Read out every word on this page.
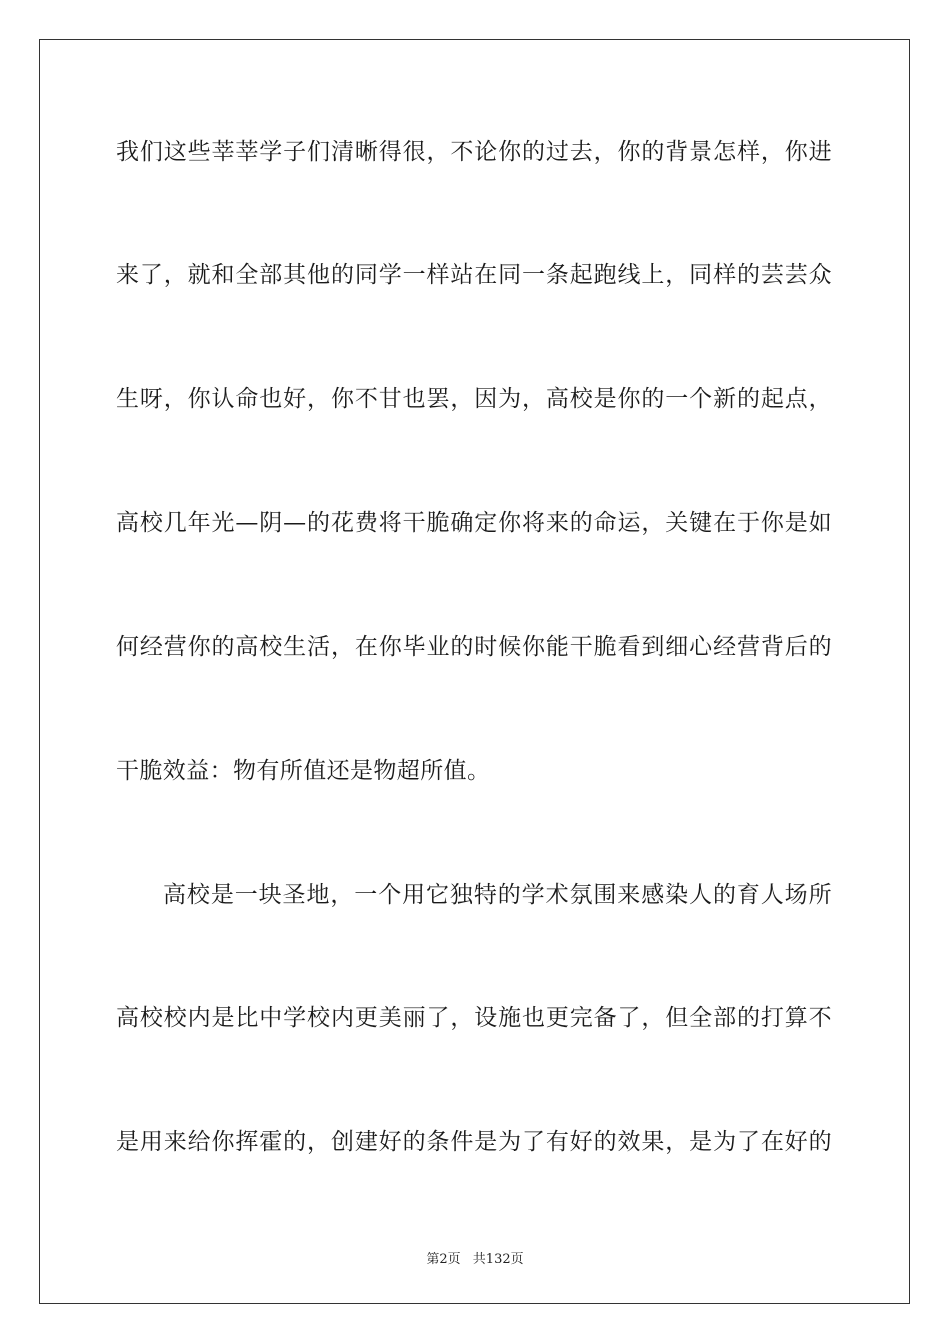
我们这些莘莘学子们清晰得很，不论你的过去，你的背景怎样，你进
来了，就和全部其他的同学一样站在同一条起跑线上，同样的芸芸众
生呀，你认命也好，你不甘也罢，因为，高校是你的一个新的起点，
高校几年光—阴—的花费将干脆确定你将来的命运，关键在于你是如
何经营你的高校生活，在你毕业的时候你能干脆看到细心经营背后的
干脆效益：物有所值还是物超所值。
高校是一块圣地，一个用它独特的学术氛围来感染人的育人场所
高校校内是比中学校内更美丽了，设施也更完备了，但全部的打算不
是用来给你挥霍的，创建好的条件是为了有好的效果，是为了在好的
第2页 共132页
